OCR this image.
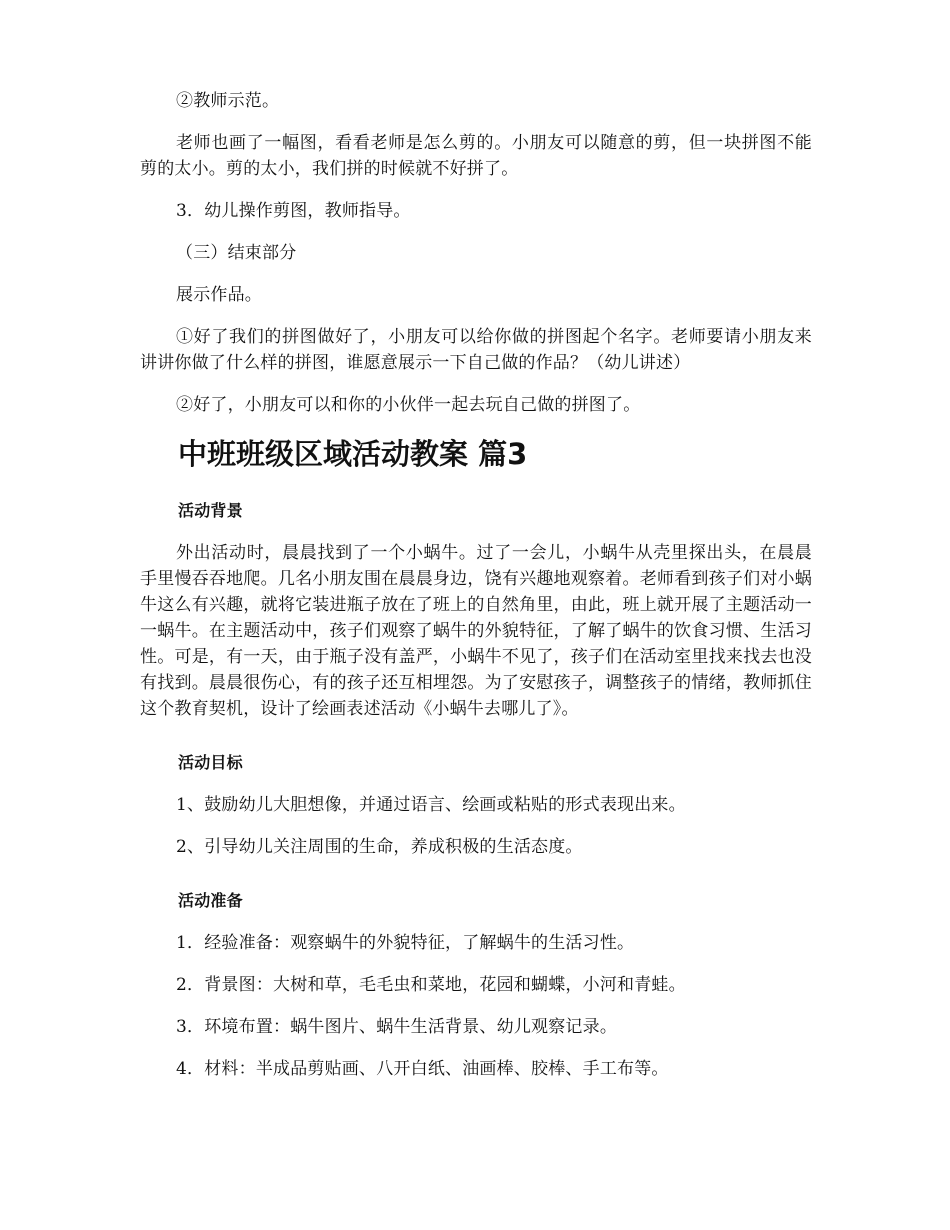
②教师示范。

老师也画了一幅图，看看老师是怎么剪的。小朋友可以随意的剪，但一块拼图不能剪的太小。剪的太小，我们拼的时候就不好拼了。

3．幼儿操作剪图，教师指导。

（三）结束部分

展示作品。

①好了我们的拼图做好了，小朋友可以给你做的拼图起个名字。老师要请小朋友来讲讲你做了什么样的拼图，谁愿意展示一下自己做的作品？（幼儿讲述）

②好了，小朋友可以和你的小伙伴一起去玩自己做的拼图了。

中班班级区域活动教案 篇3

活动背景

外出活动时，晨晨找到了一个小蜗牛。过了一会儿，小蜗牛从壳里探出头，在晨晨手里慢吞吞地爬。几名小朋友围在晨晨身边，饶有兴趣地观察着。老师看到孩子们对小蜗牛这么有兴趣，就将它装进瓶子放在了班上的自然角里，由此，班上就开展了主题活动一一蜗牛。在主题活动中，孩子们观察了蜗牛的外貌特征，了解了蜗牛的饮食习惯、生活习性。可是，有一天，由于瓶子没有盖严，小蜗牛不见了，孩子们在活动室里找来找去也没有找到。晨晨很伤心，有的孩子还互相埋怨。为了安慰孩子，调整孩子的情绪，教师抓住这个教育契机，设计了绘画表述活动《小蜗牛去哪儿了》。

活动目标

1、鼓励幼儿大胆想像，并通过语言、绘画或粘贴的形式表现出来。

2、引导幼儿关注周围的生命，养成积极的生活态度。

活动准备

1．经验准备：观察蜗牛的外貌特征，了解蜗牛的生活习性。

2．背景图：大树和草，毛毛虫和菜地，花园和蝴蝶，小河和青蛙。

3．环境布置：蜗牛图片、蜗牛生活背景、幼儿观察记录。

4．材料：半成品剪贴画、八开白纸、油画棒、胶棒、手工布等。
